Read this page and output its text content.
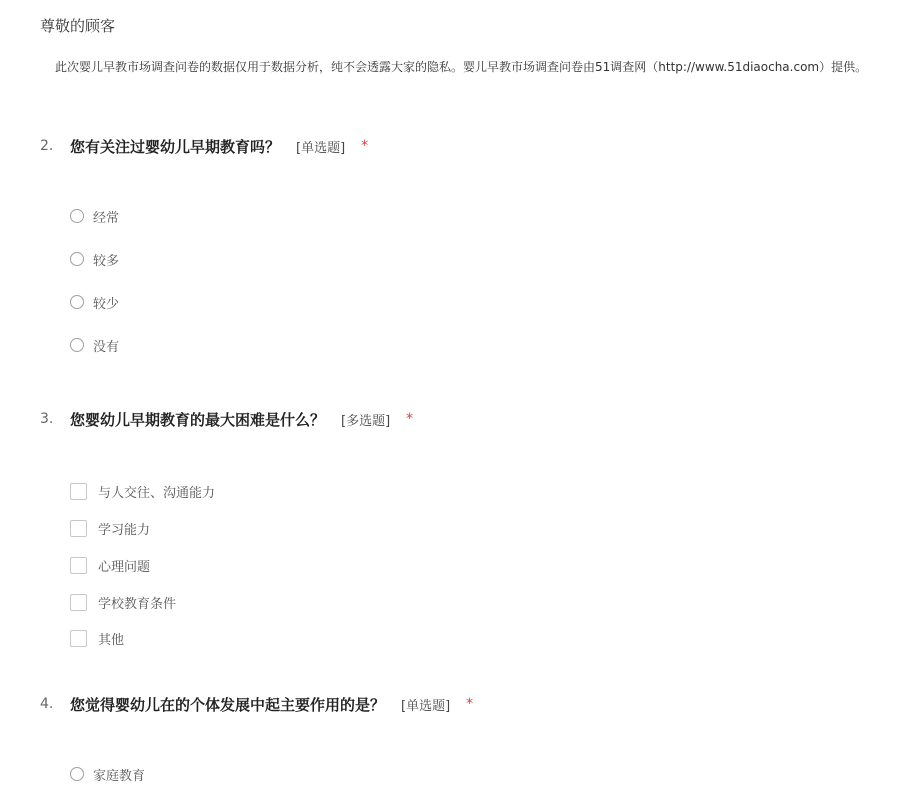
尊敬的顾客
此次婴儿早教市场调查问卷的数据仅用于数据分析，纯不会透露大家的隐私。婴儿早教市场调查问卷由51调查网（http://www.51diaocha.com）提供。
2.	您有关注过婴幼儿早期教育吗？ [单选题] *
经常
较多
较少
没有
3.	您婴幼儿早期教育的最大困难是什么？ [多选题] *
与人交往、沟通能力
学习能力
心理问题
学校教育条件
其他
4.	您觉得婴幼儿在的个体发展中起主要作用的是？ [单选题] *
家庭教育
